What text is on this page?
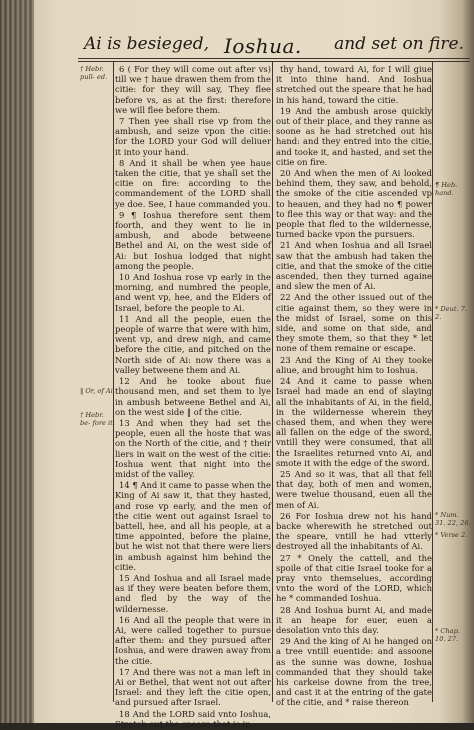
Ai is besieged, Ioshua. and set on fire.
† Hebr. pull- ed.
‖ Or, of Ai.
† Hebr. be- fore it.
¶ Heb. hand.
* Deut. 7. 2.
* Num. 31. 22, 26.
* Verse 2.
* Chap. 10. 27.

6 ( For they will come out after vs) till we † haue drawen them from the citie: for they will say, They flee before vs, as at the first: therefore we will flee before them.

7 Then yee shall rise vp from the ambush, and seize vpon the citie: for the LORD your God will deliuer it into your hand.

8 And it shall be when yee haue taken the citie, that ye shall set the citie on fire: according to the commandement of the LORD shall ye doe. See, I haue commanded you.

9 ¶ Ioshua therefore sent them foorth, and they went to lie in ambush, and abode betweene Bethel and Ai, on the west side of Ai: but Ioshua lodged that night among the people.

10 And Ioshua rose vp early in the morning, and numbred the people, and went vp, hee, and the Elders of Israel, before the people to Ai.

11 And all the people, euen the people of warre that were with him, went vp, and drew nigh, and came before the citie, and pitched on the North side of Ai: now there was a valley betweene them and Ai.

12 And he tooke about fiue thousand men, and set them to lye in ambush betweene Bethel and Ai, on the west side ‖ of the citie.

13 And when they had set the people, euen all the hoste that was on the North of the citie, and † their liers in wait on the west of the citie: Ioshua went that night into the midst of the valley.

14 ¶ And it came to passe when the King of Ai saw it, that they hasted, and rose vp early, and the men of the citie went out against Israel to battell, hee, and all his people, at a time appointed, before the plaine, but he wist not that there were liers in ambush against him behind the citie.

15 And Ioshua and all Israel made as if they were beaten before them, and fled by the way of the wildernesse.

16 And all the people that were in Ai, were called together to pursue after them: and they pursued after Ioshua, and were drawen away from the citie.

17 And there was not a man left in Ai or Bethel, that went not out after Israel: and they left the citie open, and pursued after Israel.

18 And the LORD said vnto Ioshua, Stretch out the speare that is in

thy hand, toward Ai, for I will giue it into thine hand. And Ioshua stretched out the speare that he had in his hand, toward the citie.

19 And the ambush arose quickly out of their place, and they ranne as soone as he had stretched out his hand: and they entred into the citie, and tooke it, and hasted, and set the citie on fire.

20 And when the men of Ai looked behind them, they saw, and behold, the smoke of the citie ascended vp to heauen, and they had no ¶ power to flee this way or that way: and the people that fled to the wildernesse, turned backe vpon the pursuers.

21 And when Ioshua and all Israel saw that the ambush had taken the citie, and that the smoke of the citie ascended, then they turned againe and slew the men of Ai.

22 And the other issued out of the citie against them, so they were in the midst of Israel, some on this side, and some on that side, and they smote them, so that they * let none of them remaine or escape.

23 And the King of Ai they tooke aliue, and brought him to Ioshua.

24 And it came to passe when Israel had made an end of slaying all the inhabitants of Ai, in the field, in the wildernesse wherein they chased them, and when they were all fallen on the edge of the sword, vntill they were consumed, that all the Israelites returned vnto Ai, and smote it with the edge of the sword.

25 And so it was, that all that fell that day, both of men and women, were twelue thousand, euen all the men of Ai.

26 For Ioshua drew not his hand backe wherewith he stretched out the speare, vntill he had vtterly destroyed all the inhabitants of Ai.

27 * Onely the cattell, and the spoile of that citie Israel tooke for a pray vnto themselues, according vnto the word of the LORD, which he * commanded Ioshua.

28 And Ioshua burnt Ai, and made it an heape for euer, euen a desolation vnto this day.

29 And the king of Ai he hanged on a tree vntill euentide: and assoone as the sunne was downe, Ioshua commanded that they should take his carkeise downe from the tree, and cast it at the entring of the gate of the citie, and * raise thereon
